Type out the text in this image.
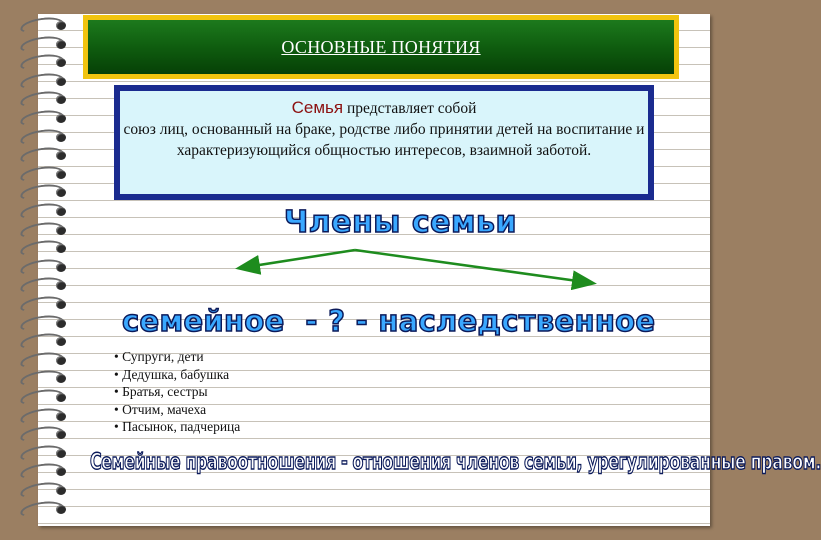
ОСНОВНЫЕ ПОНЯТИЯ
Семья представляет собой
союз лиц, основанный на браке, родстве либо принятии детей на воспитание и характеризующийся общностью интересов, взаимной заботой.
Члены семьи
семейное  - ? - наследственное
• Супруги, дети
• Дедушка, бабушка
• Братья, сестры
• Отчим, мачеха
• Пасынок, падчерица
Семейные правоотношения - отношения членов семьи, урегулированные правом.
